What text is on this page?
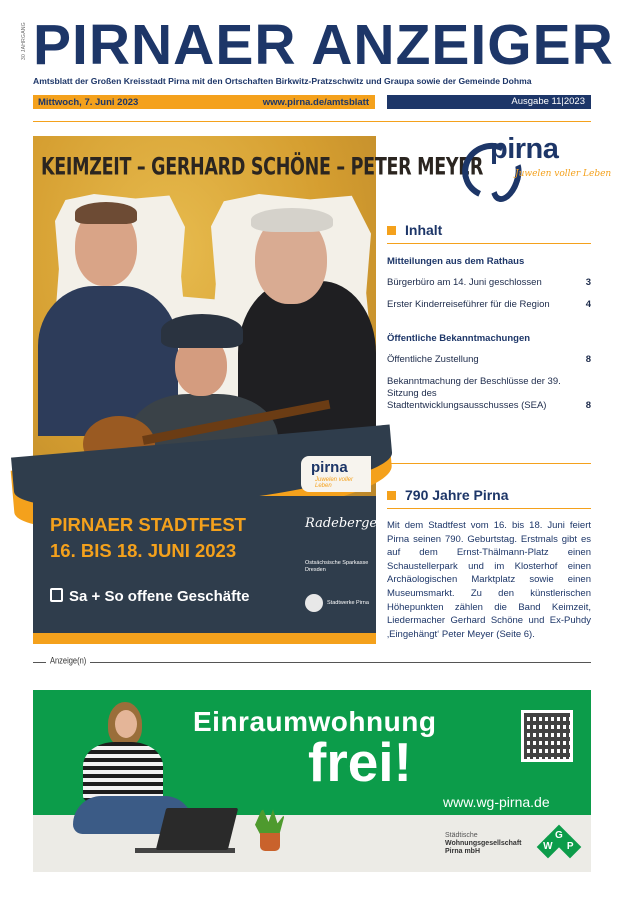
30 JAHRGANG PIRNAER ANZEIGER
Amtsblatt der Großen Kreisstadt Pirna mit den Ortschaften Birkwitz-Pratzschwitz und Graupa sowie der Gemeinde Dohma
Mittwoch, 7. Juni 2023	www.pirna.de/amtsblatt	Ausgabe 11|2023
KEIMZEIT – GERHARD SCHÖNE – PETER MEYER
pirna
Juwelen voller Leben
PIRNAER STADTFEST
16. BIS 18. JUNI 2023
Sa + So offene Geschäfte
Radeberger
Ostsächsische Sparkasse Dresden
Stadtwerke Pirna
pirna
Juwelen voller Leben
Inhalt
Mitteilungen aus dem Rathaus
Bürgerbüro am 14. Juni geschlossen	3
Erster Kinderreiseführer für die Region	4
Öffentliche Bekanntmachungen
Öffentliche Zustellung	8
Bekanntmachung der Beschlüsse der 39. Sitzung des Stadtentwicklungsausschusses (SEA)	8
790 Jahre Pirna
Mit dem Stadtfest vom 16. bis 18. Juni feiert Pirna seinen 790. Geburtstag. Erstmals gibt es auf dem Ernst-Thälmann-Platz einen Schaustellerpark und im Klosterhof einen Archäologischen Marktplatz sowie einen Museumsmarkt. Zu den künstlerischen Höhepunkten zählen die Band Keimzeit, Liedermacher Gerhard Schöne und Ex-Puhdy ‚Eingehängt‘ Peter Meyer (Seite 6).
Anzeige(n)
Einraumwohnung
frei!
www.wg-pirna.de
Städtische
Wohnungsgesellschaft
Pirna mbH	W
G
P
